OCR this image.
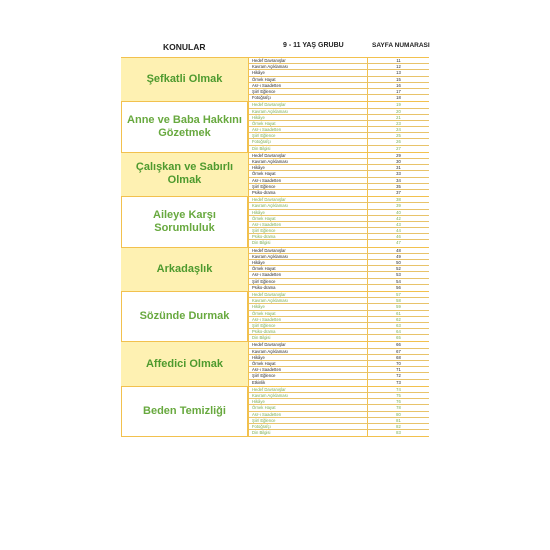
KONULAR	9 - 11 YAŞ GRUBU	SAYFA NUMARASI
Şefkatli Olmak
Hedef Davranışlar	11
Kavram Açıklaması	12
Hikâye	13
Örnek Hayat	15
Asr-ı Saadetten	16
Şiir/ Eğlence	17
Fotoğrafçı	18
Anne ve Baba Hakkını Gözetmek
Hedef Davranışlar	19
Kavram Açıklaması	20
Hikâye	21
Örnek Hayat	23
Asr-ı Saadetten	24
Şiir/ Eğlence	25
Fotoğrafçı	26
Din Bilgisi	27
Çalışkan ve Sabırlı Olmak
Hedef Davranışlar	29
Kavram Açıklaması	30
Hikâye	31
Örnek Hayat	33
Asr-ı Saadetten	34
Şiir/ Eğlence	35
Psiko-drama	37
Aileye Karşı Sorumluluk
Hedef Davranışlar	38
Kavram Açıklaması	39
Hikâye	40
Örnek Hayat	42
Asr-ı Saadetten	43
Şiir/ Eğlence	44
Psiko-drama	46
Din Bilgisi	47
Arkadaşlık
Hedef Davranışlar	48
Kavram Açıklaması	49
Hikâye	50
Örnek Hayat	52
Asr-ı Saadetten	53
Şiir/ Eğlence	54
Psiko-drama	56
Sözünde Durmak
Hedef Davranışlar	57
Kavram Açıklaması	58
Hikâye	59
Örnek Hayat	61
Asr-ı Saadetten	62
Şiir/ Eğlence	63
Psiko-drama	64
Din Bilgisi	65
Affedici Olmak
Hedef Davranışlar	66
Kavram Açıklaması	67
Hikâye	68
Örnek Hayat	70
Asr-ı Saadetten	71
Şiir/ Eğlence	72
Etkinlik	73
Beden Temizliği
Hedef Davranışlar	74
Kavram Açıklaması	75
Hikâye	76
Örnek Hayat	78
Asr-ı Saadetten	80
Şiir/ Eğlence	81
Fotoğrafçı	82
Din Bilgisi	83
